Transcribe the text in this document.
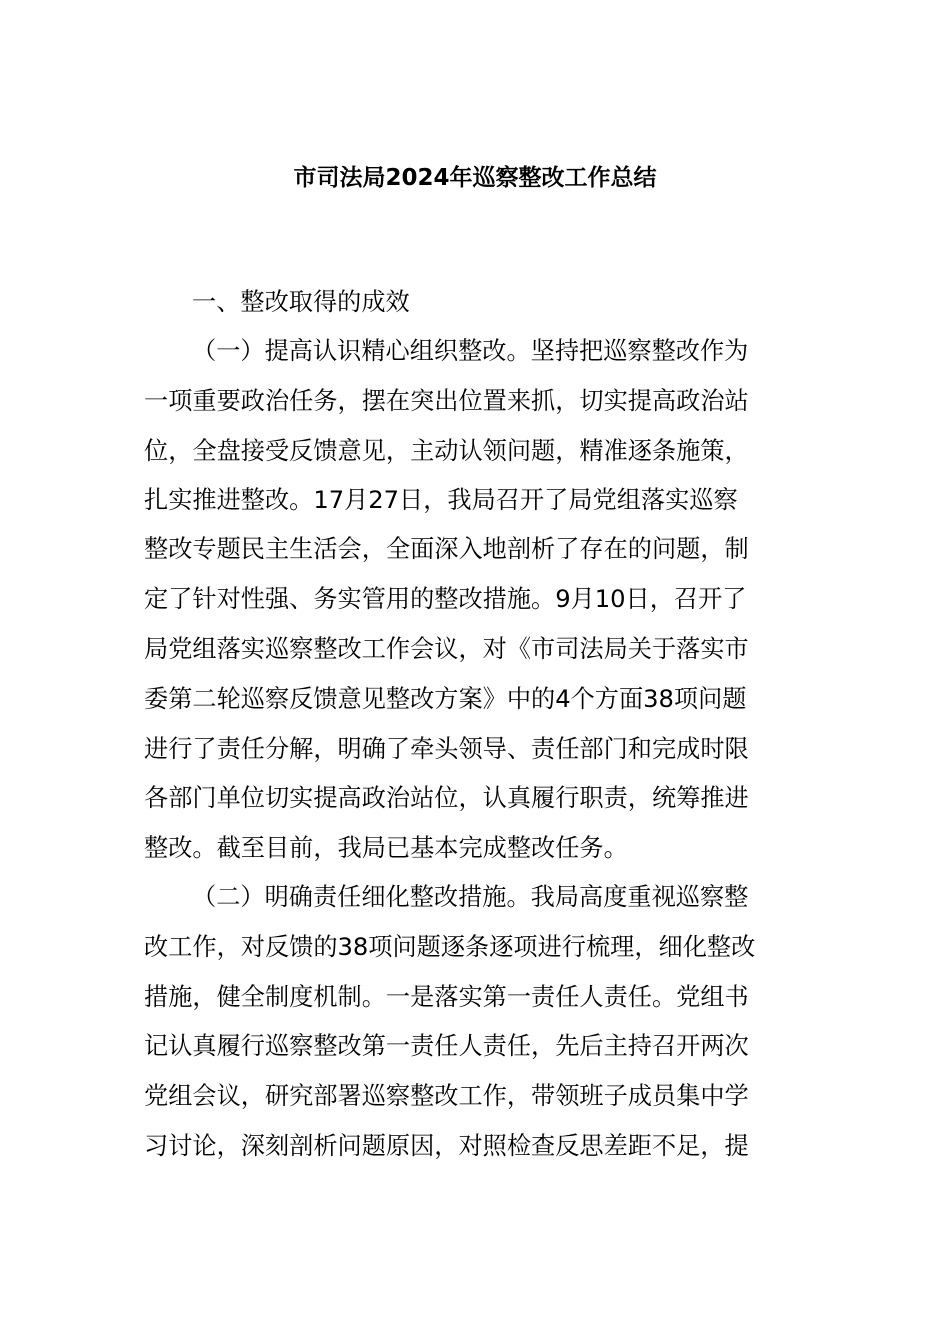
市司法局2024年巡察整改工作总结
一、整改取得的成效
（一）提高认识精心组织整改。坚持把巡察整改作为
一项重要政治任务，摆在突出位置来抓，切实提高政治站
位，全盘接受反馈意见，主动认领问题，精准逐条施策，
扎实推进整改。17月27日，我局召开了局党组落实巡察
整改专题民主生活会，全面深入地剖析了存在的问题，制
定了针对性强、务实管用的整改措施。9月10日，召开了
局党组落实巡察整改工作会议，对《市司法局关于落实市
委第二轮巡察反馈意见整改方案》中的4个方面38项问题
进行了责任分解，明确了牵头领导、责任部门和完成时限
各部门单位切实提高政治站位，认真履行职责，统筹推进
整改。截至目前，我局已基本完成整改任务。
（二）明确责任细化整改措施。我局高度重视巡察整
改工作，对反馈的38项问题逐条逐项进行梳理，细化整改
措施，健全制度机制。一是落实第一责任人责任。党组书
记认真履行巡察整改第一责任人责任，先后主持召开两次
党组会议，研究部署巡察整改工作，带领班子成员集中学
习讨论，深刻剖析问题原因，对照检查反思差距不足，提
